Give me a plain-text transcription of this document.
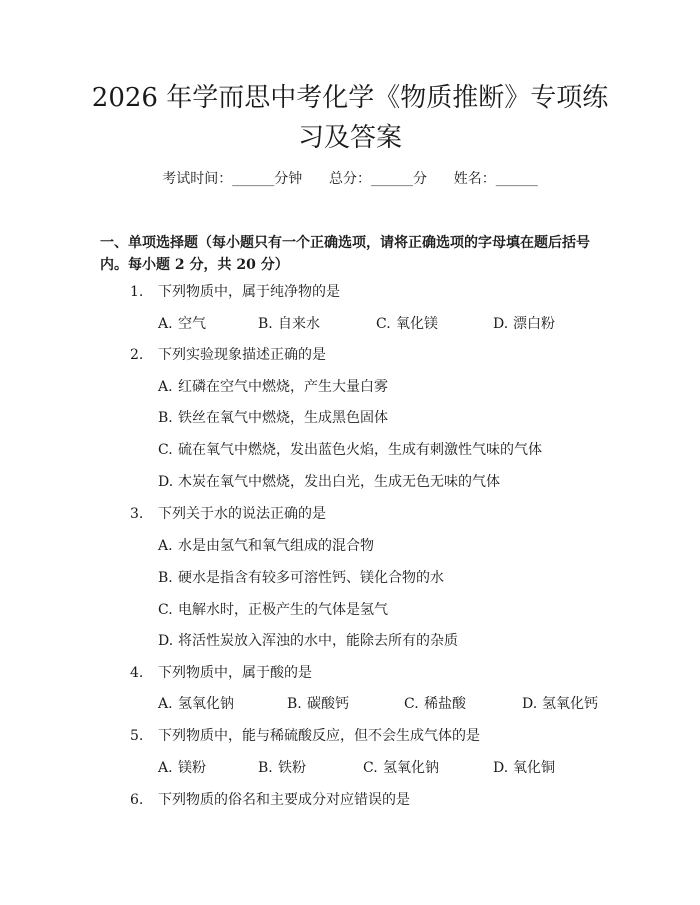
2026 年学而思中考化学《物质推断》专项练
习及答案
考试时间：______分钟 总分：______分 姓名：______
一、单项选择题（每小题只有一个正确选项，请将正确选项的字母填在题后括号内。每小题 2 分，共 20 分）
1. 下列物质中，属于纯净物的是
A. 空气	B. 自来水	C. 氧化镁	D. 漂白粉
2. 下列实验现象描述正确的是
A. 红磷在空气中燃烧，产生大量白雾
B. 铁丝在氧气中燃烧，生成黑色固体
C. 硫在氧气中燃烧，发出蓝色火焰，生成有刺激性气味的气体
D. 木炭在氧气中燃烧，发出白光，生成无色无味的气体
3. 下列关于水的说法正确的是
A. 水是由氢气和氧气组成的混合物
B. 硬水是指含有较多可溶性钙、镁化合物的水
C. 电解水时，正极产生的气体是氢气
D. 将活性炭放入浑浊的水中，能除去所有的杂质
4. 下列物质中，属于酸的是
A. 氢氧化钠	B. 碳酸钙	C. 稀盐酸	D. 氢氧化钙
5. 下列物质中，能与稀硫酸反应，但不会生成气体的是
A. 镁粉	B. 铁粉	C. 氢氧化钠	D. 氧化铜
6. 下列物质的俗名和主要成分对应错误的是
